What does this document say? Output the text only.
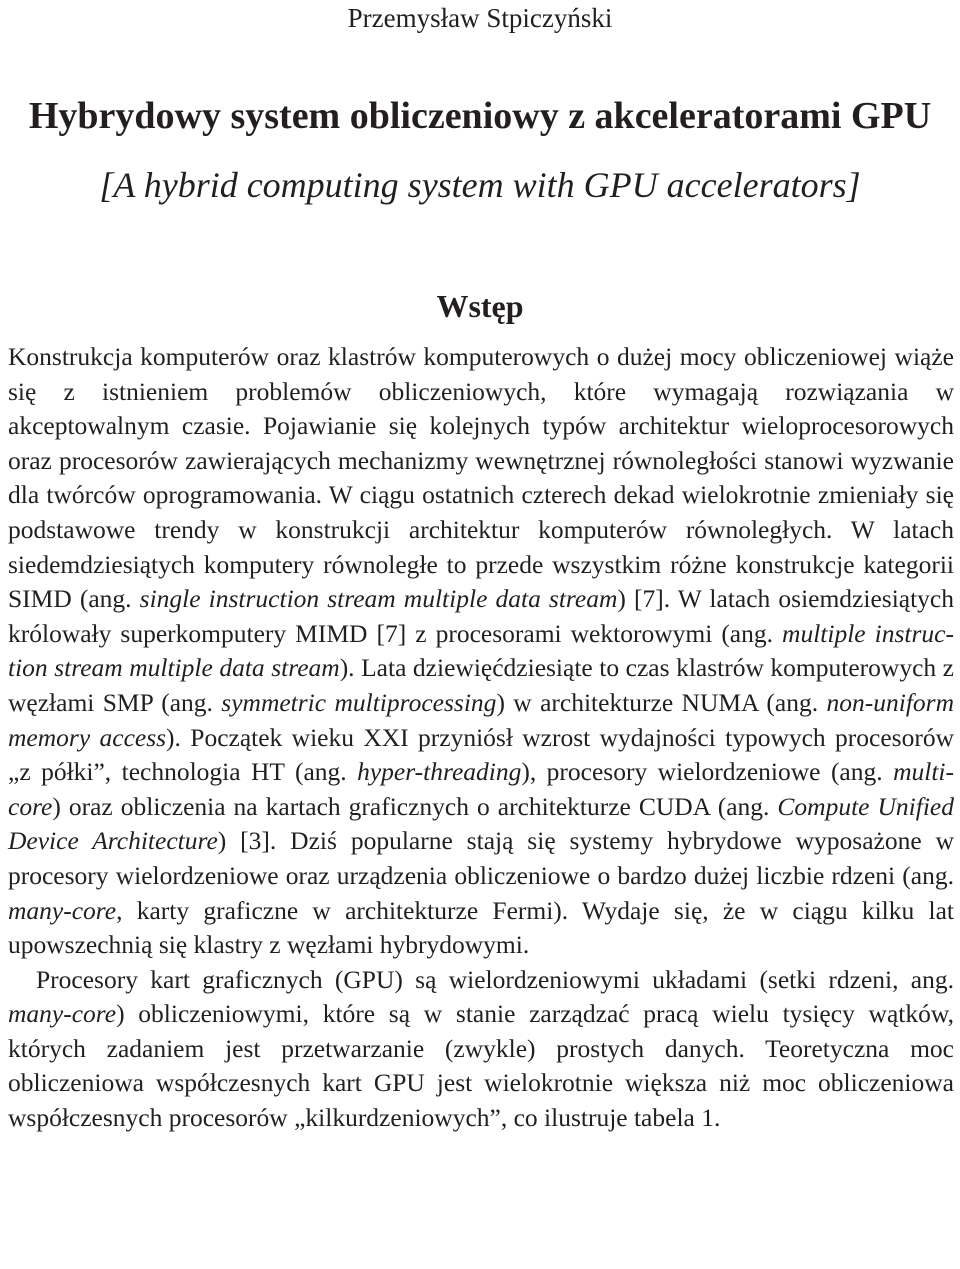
Przemysław Stpiczyński
Hybrydowy system obliczeniowy z akceleratorami GPU
[A hybrid computing system with GPU accelerators]
Wstęp

Konstrukcja komputerów oraz klastrów komputerowych o dużej mocy obliczeniowej wiąże się z istnieniem problemów obliczeniowych, które wymagają rozwiązania w akceptowalnym czasie. Pojawianie się kolejnych typów architektur wieloprocesorowych oraz procesorów zawierających mechanizmy wewnętrznej równoległości stanowi wyzwanie dla twórców oprogramowania. W ciągu ostatnich czterech dekad wielokrotnie zmieniały się podstawowe trendy w konstrukcji architektur komputerów równoległych. W latach siedemdziesiątych komputery równoległe to przede wszystkim różne konstrukcje kategorii SIMD (ang. single instruction stream multiple data stream) [7]. W latach osiemdziesiątych królowały superkomputery MIMD [7] z procesorami wektorowymi (ang. multiple instruction stream multiple data stream). Lata dziewięćdziesiąte to czas klastrów komputerowych z węzłami SMP (ang. symmetric multiprocessing) w architekturze NUMA (ang. non-uniform memory access). Początek wieku XXI przyniósł wzrost wydajności typowych procesorów „z półki”, technologia HT (ang. hyper-threading), procesory wielordzeniowe (ang. multi-core) oraz obliczenia na kartach graficznych o architekturze CUDA (ang. Compute Unified Device Architecture) [3]. Dziś popularne stają się systemy hybrydowe wyposażone w procesory wielordzeniowe oraz urządzenia obliczeniowe o bardzo dużej liczbie rdzeni (ang. many-core, karty graficzne w architekturze Fermi). Wydaje się, że w ciągu kilku lat upowszechnią się klastry z węzłami hybrydowymi.

Procesory kart graficznych (GPU) są wielordzeniowymi układami (setki rdzeni, ang. many-core) obliczeniowymi, które są w stanie zarządzać pracą wielu tysięcy wątków, których zadaniem jest przetwarzanie (zwykle) prostych danych. Teoretyczna moc obliczeniowa współczesnych kart GPU jest wielokrotnie większa niż moc obliczeniowa współczesnych procesorów „kilkurdzeniowych”, co ilustruje tabela 1.
